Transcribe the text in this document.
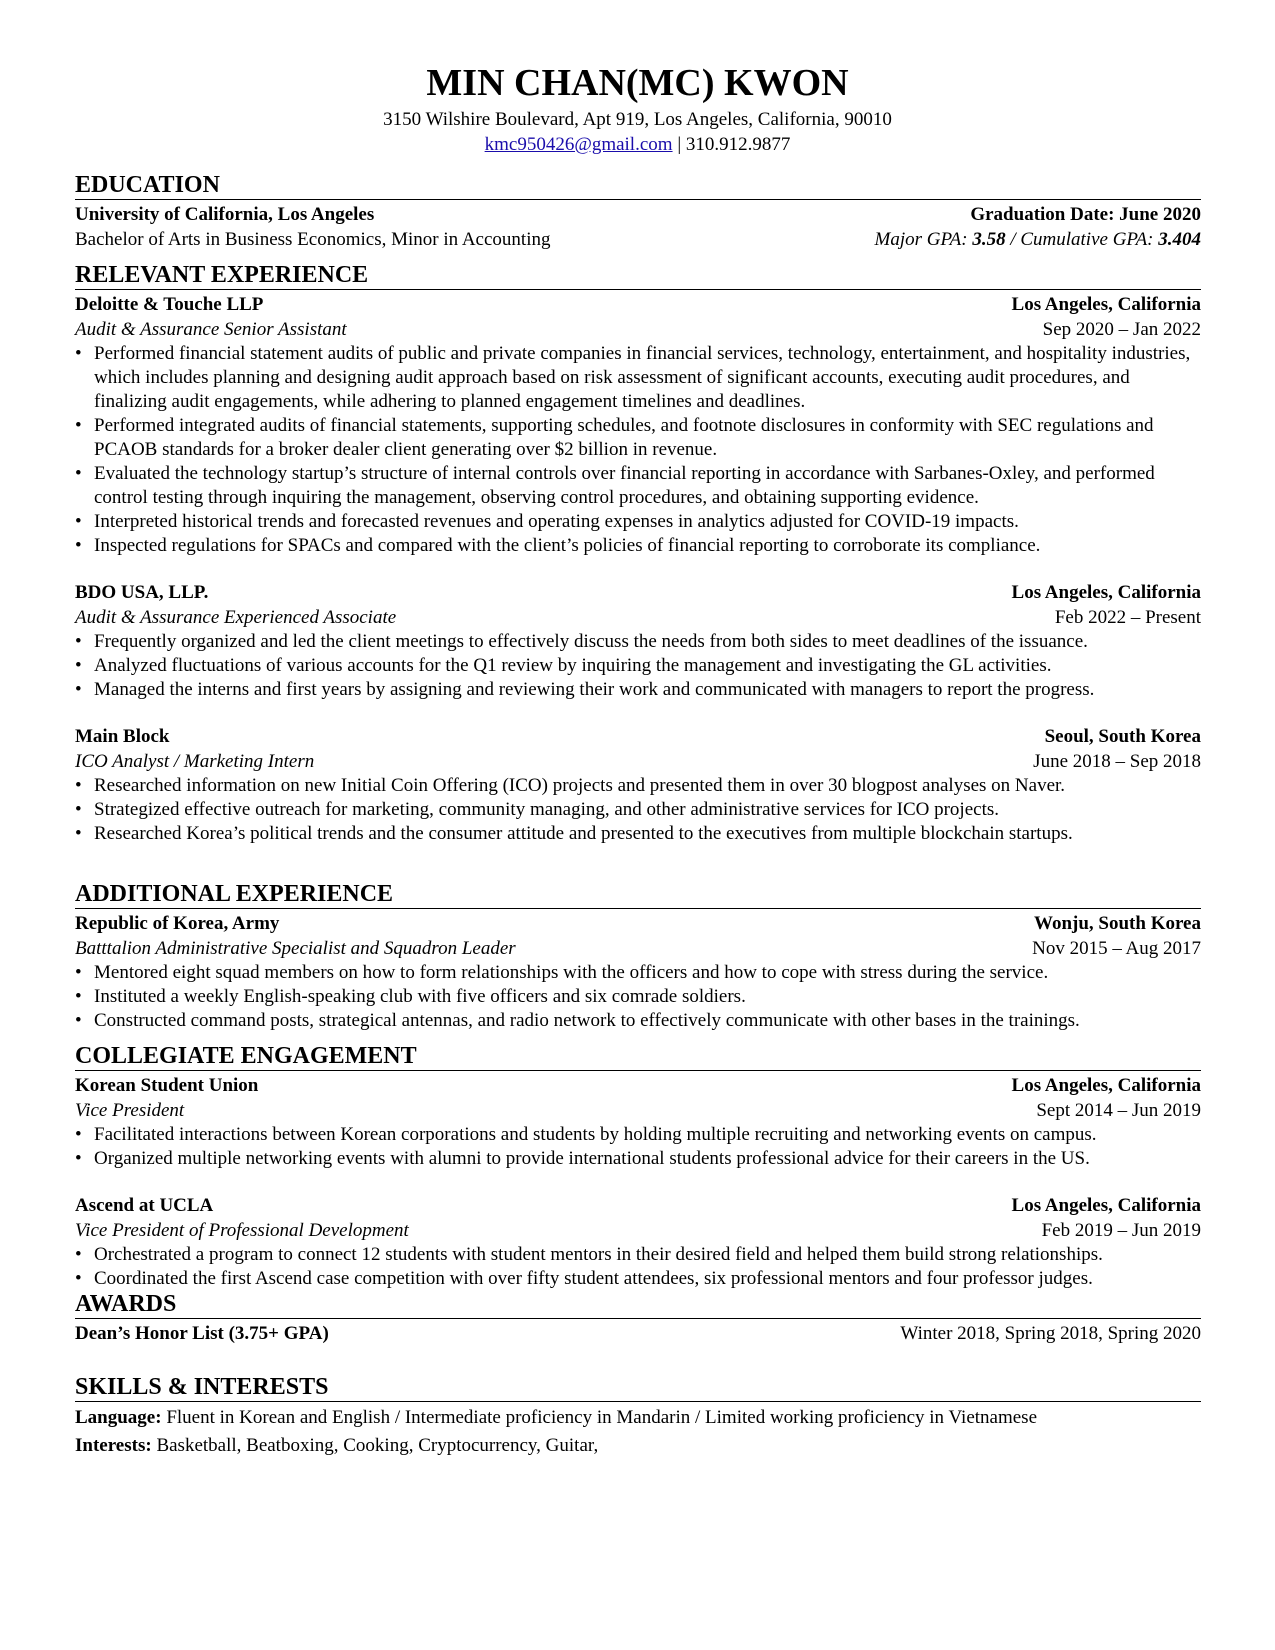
MIN CHAN(MC) KWON
3150 Wilshire Boulevard, Apt 919, Los Angeles, California, 90010
kmc950426@gmail.com | 310.912.9877
EDUCATION
University of California, Los Angeles	Graduation Date: June 2020
Bachelor of Arts in Business Economics, Minor in Accounting	Major GPA: 3.58 / Cumulative GPA: 3.404
RELEVANT EXPERIENCE
Deloitte & Touche LLP	Los Angeles, California
Audit & Assurance Senior Assistant	Sep 2020 – Jan 2022
• Performed financial statement audits of public and private companies in financial services, technology, entertainment, and hospitality industries, which includes planning and designing audit approach based on risk assessment of significant accounts, executing audit procedures, and finalizing audit engagements, while adhering to planned engagement timelines and deadlines.
• Performed integrated audits of financial statements, supporting schedules, and footnote disclosures in conformity with SEC regulations and PCAOB standards for a broker dealer client generating over $2 billion in revenue.
• Evaluated the technology startup’s structure of internal controls over financial reporting in accordance with Sarbanes-Oxley, and performed control testing through inquiring the management, observing control procedures, and obtaining supporting evidence.
• Interpreted historical trends and forecasted revenues and operating expenses in analytics adjusted for COVID-19 impacts.
• Inspected regulations for SPACs and compared with the client’s policies of financial reporting to corroborate its compliance.
BDO USA, LLP.	Los Angeles, California
Audit & Assurance Experienced Associate	Feb 2022 – Present
• Frequently organized and led the client meetings to effectively discuss the needs from both sides to meet deadlines of the issuance.
• Analyzed fluctuations of various accounts for the Q1 review by inquiring the management and investigating the GL activities.
• Managed the interns and first years by assigning and reviewing their work and communicated with managers to report the progress.
Main Block	Seoul, South Korea
ICO Analyst / Marketing Intern	June 2018 – Sep 2018
• Researched information on new Initial Coin Offering (ICO) projects and presented them in over 30 blogpost analyses on Naver.
• Strategized effective outreach for marketing, community managing, and other administrative services for ICO projects.
• Researched Korea’s political trends and the consumer attitude and presented to the executives from multiple blockchain startups.
ADDITIONAL EXPERIENCE
Republic of Korea, Army	Wonju, South Korea
Batttalion Administrative Specialist and Squadron Leader	Nov 2015 – Aug 2017
• Mentored eight squad members on how to form relationships with the officers and how to cope with stress during the service.
• Instituted a weekly English-speaking club with five officers and six comrade soldiers.
• Constructed command posts, strategical antennas, and radio network to effectively communicate with other bases in the trainings.
COLLEGIATE ENGAGEMENT
Korean Student Union	Los Angeles, California
Vice President	Sept 2014 – Jun 2019
• Facilitated interactions between Korean corporations and students by holding multiple recruiting and networking events on campus.
• Organized multiple networking events with alumni to provide international students professional advice for their careers in the US.
Ascend at UCLA	Los Angeles, California
Vice President of Professional Development	Feb 2019 – Jun 2019
• Orchestrated a program to connect 12 students with student mentors in their desired field and helped them build strong relationships.
• Coordinated the first Ascend case competition with over fifty student attendees, six professional mentors and four professor judges.
AWARDS
Dean’s Honor List (3.75+ GPA)	Winter 2018, Spring 2018, Spring 2020
SKILLS & INTERESTS
Language: Fluent in Korean and English / Intermediate proficiency in Mandarin / Limited working proficiency in Vietnamese
Interests: Basketball, Beatboxing, Cooking, Cryptocurrency, Guitar,
